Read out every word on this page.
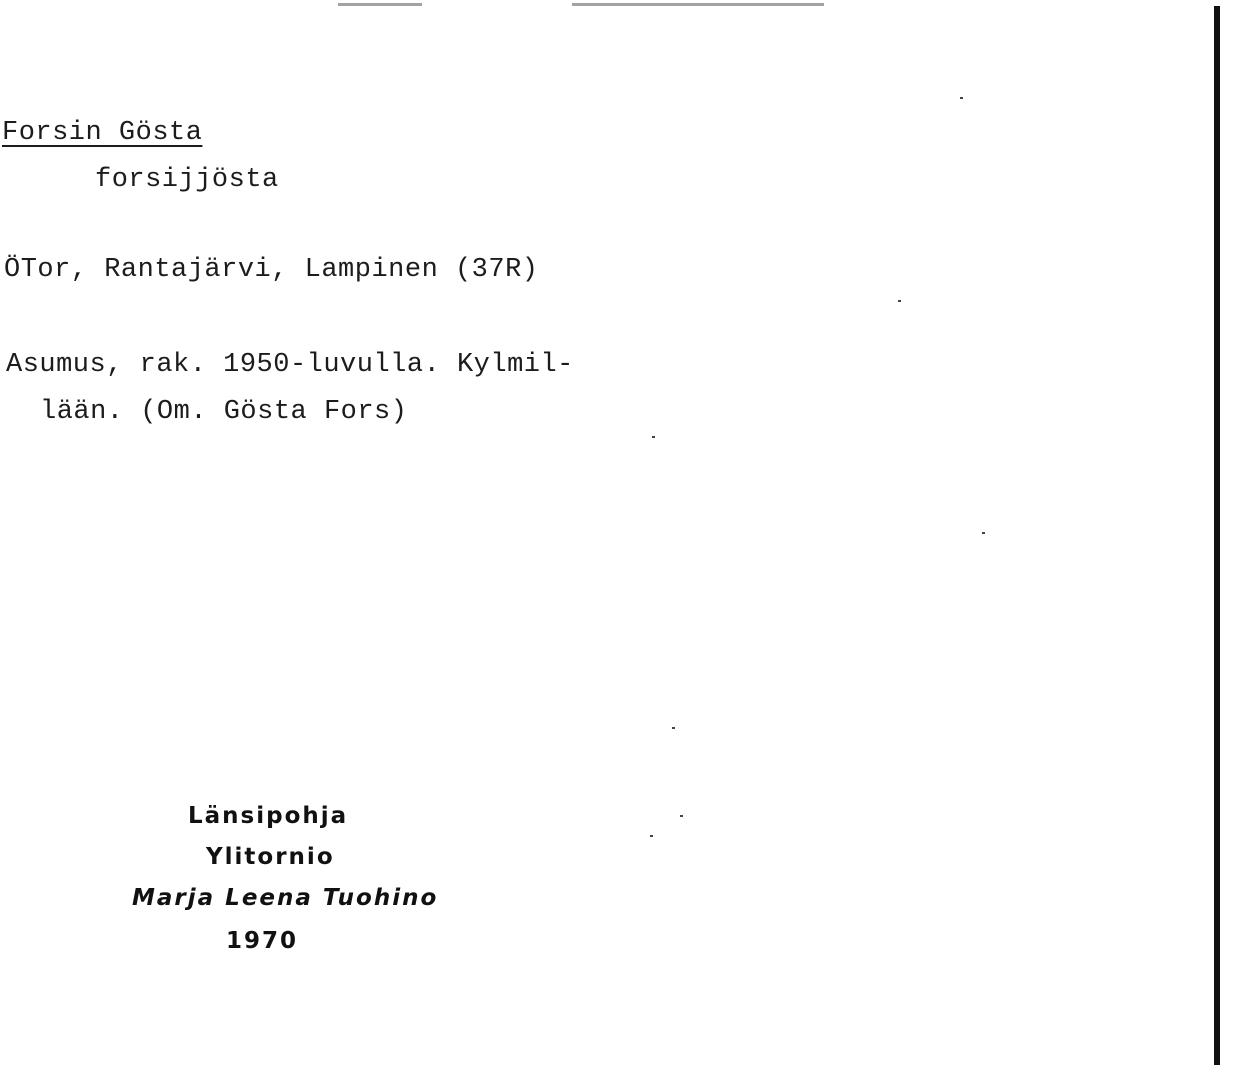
Forsin Gösta
forsijjösta
ÖTor, Rantajärvi, Lampinen (37R)
Asumus, rak. 1950-luvulla. Kylmil-
lään. (Om. Gösta Fors)
Länsipohja
Ylitornio
Marja Leena Tuohino
1970
